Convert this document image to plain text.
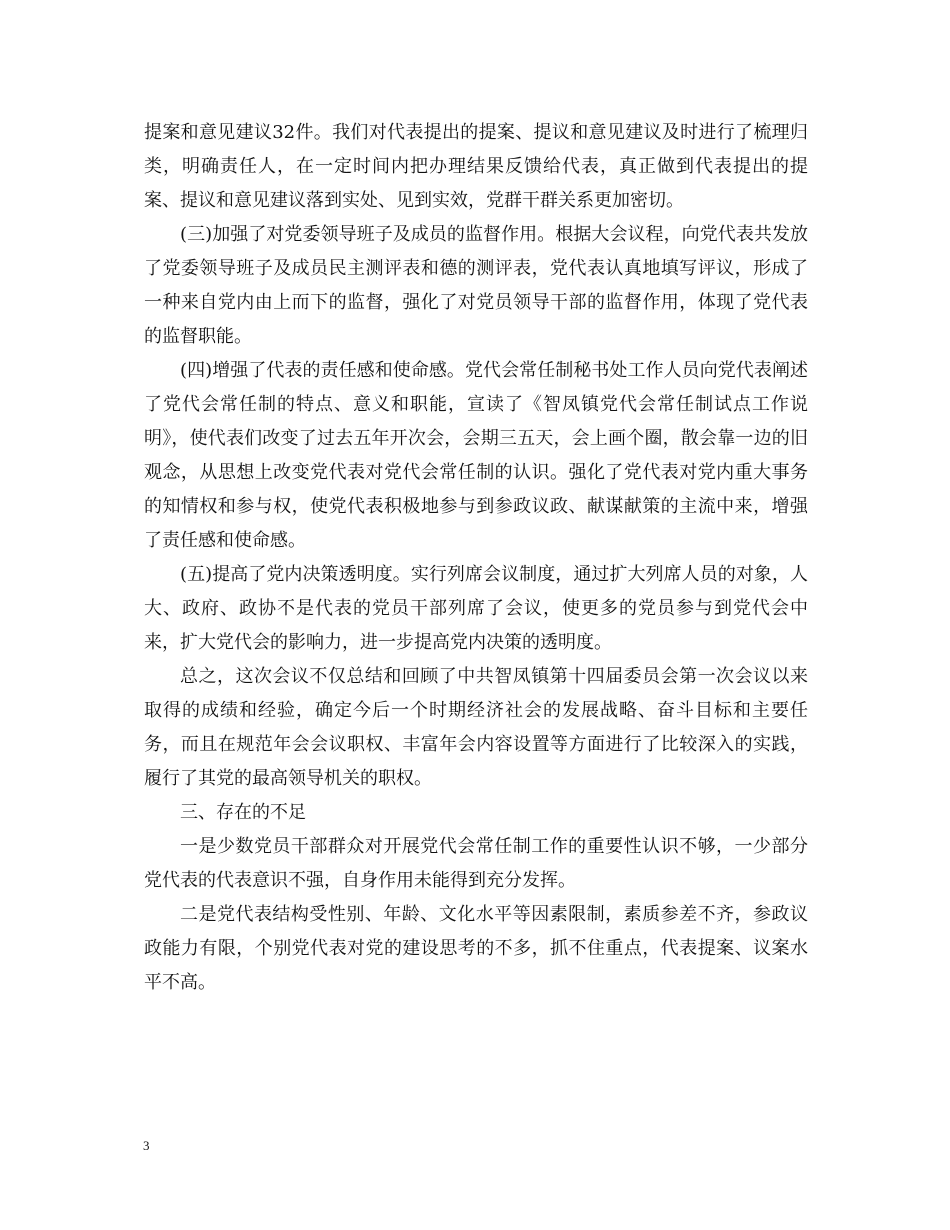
提案和意见建议32件。我们对代表提出的提案、提议和意见建议及时进行了梳理归类，明确责任人，在一定时间内把办理结果反馈给代表，真正做到代表提出的提案、提议和意见建议落到实处、见到实效，党群干群关系更加密切。

(三)加强了对党委领导班子及成员的监督作用。根据大会议程，向党代表共发放了党委领导班子及成员民主测评表和德的测评表，党代表认真地填写评议，形成了一种来自党内由上而下的监督，强化了对党员领导干部的监督作用，体现了党代表的监督职能。

(四)增强了代表的责任感和使命感。党代会常任制秘书处工作人员向党代表阐述了党代会常任制的特点、意义和职能，宣读了《智凤镇党代会常任制试点工作说明》，使代表们改变了过去五年开次会，会期三五天，会上画个圈，散会靠一边的旧观念，从思想上改变党代表对党代会常任制的认识。强化了党代表对党内重大事务的知情权和参与权，使党代表积极地参与到参政议政、献谋献策的主流中来，增强了责任感和使命感。

(五)提高了党内决策透明度。实行列席会议制度，通过扩大列席人员的对象，人大、政府、政协不是代表的党员干部列席了会议，使更多的党员参与到党代会中来，扩大党代会的影响力，进一步提高党内决策的透明度。

总之，这次会议不仅总结和回顾了中共智凤镇第十四届委员会第一次会议以来取得的成绩和经验，确定今后一个时期经济社会的发展战略、奋斗目标和主要任务，而且在规范年会会议职权、丰富年会内容设置等方面进行了比较深入的实践，履行了其党的最高领导机关的职权。

三、存在的不足

一是少数党员干部群众对开展党代会常任制工作的重要性认识不够，一少部分党代表的代表意识不强，自身作用未能得到充分发挥。

二是党代表结构受性别、年龄、文化水平等因素限制，素质参差不齐，参政议政能力有限，个别党代表对党的建设思考的不多，抓不住重点，代表提案、议案水平不高。

3
